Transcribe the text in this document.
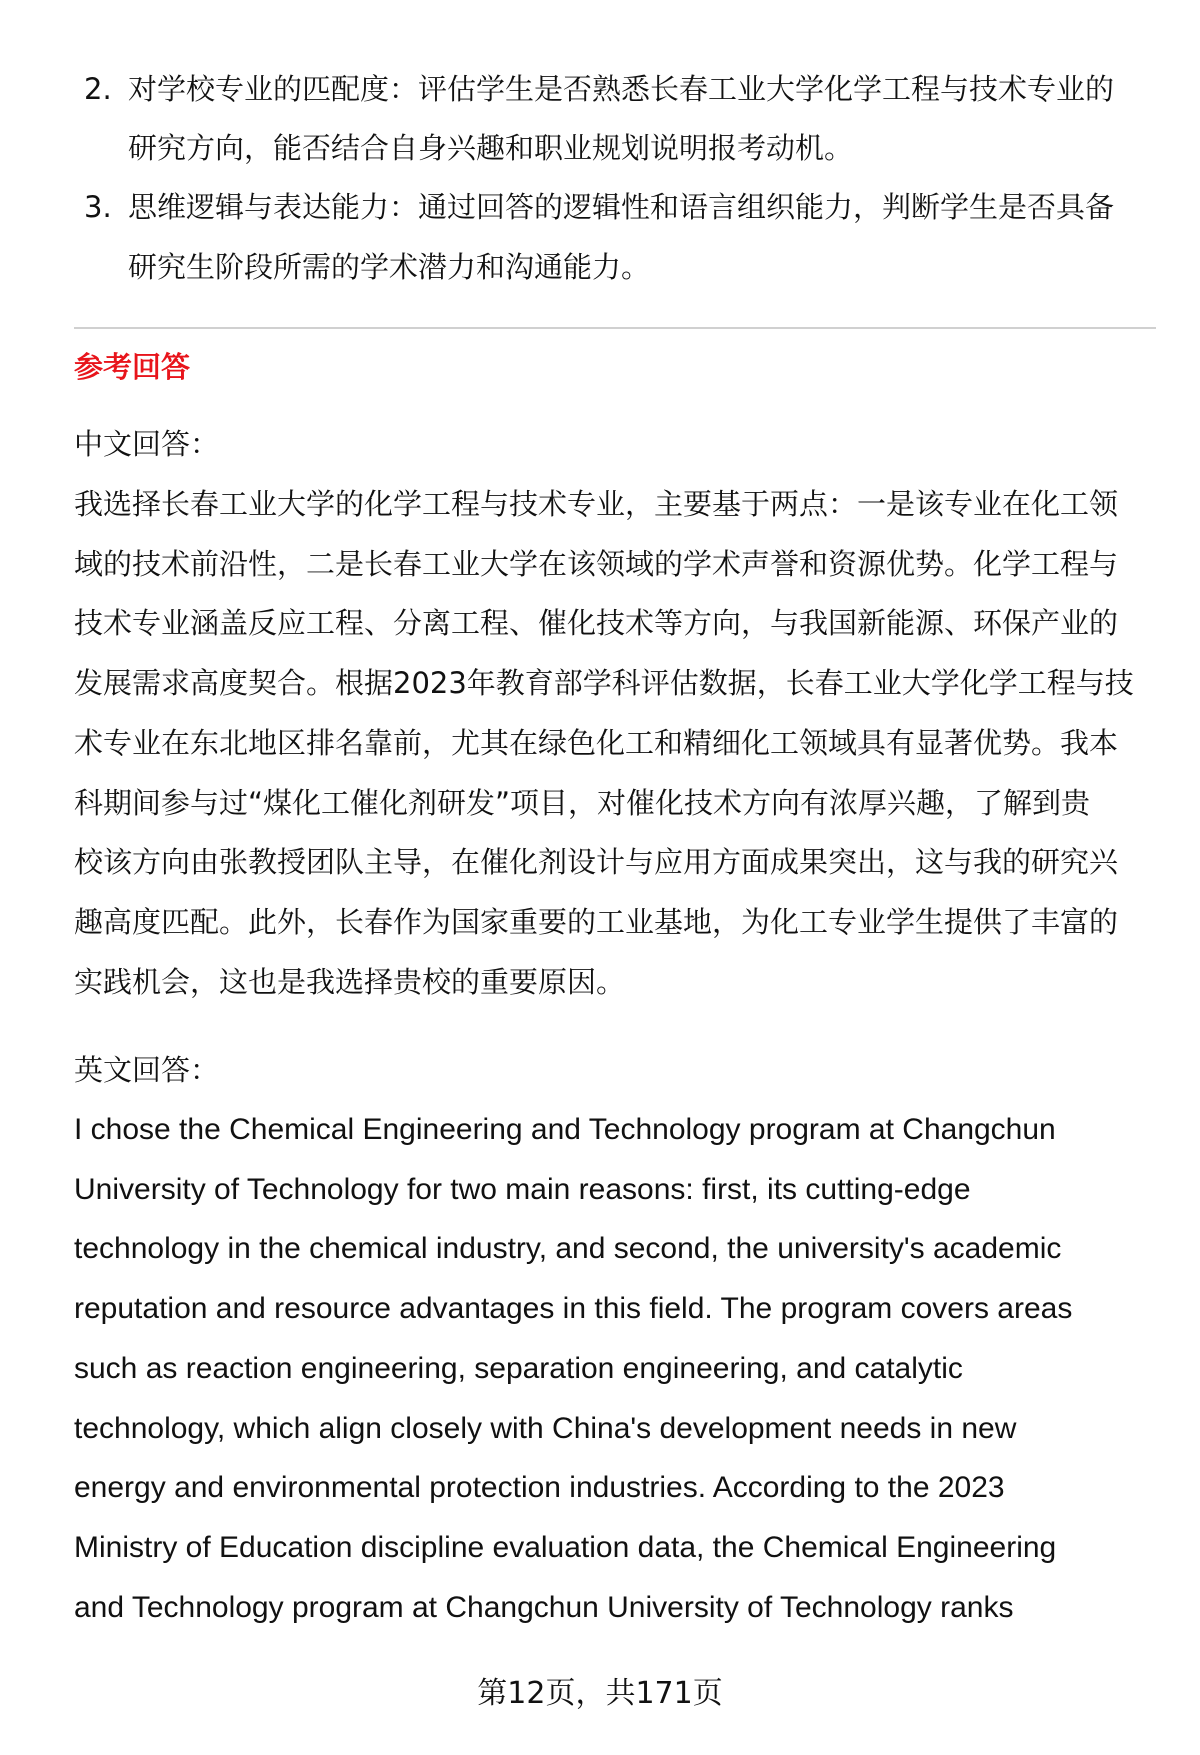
2. 对学校专业的匹配度：评估学生是否熟悉长春工业大学化学工程与技术专业的
研究方向，能否结合自身兴趣和职业规划说明报考动机。
3. 思维逻辑与表达能力：通过回答的逻辑性和语言组织能力，判断学生是否具备
研究生阶段所需的学术潜力和沟通能力。
参考回答
中文回答：
我选择长春工业大学的化学工程与技术专业，主要基于两点：一是该专业在化工领
域的技术前沿性，二是长春工业大学在该领域的学术声誉和资源优势。化学工程与
技术专业涵盖反应工程、分离工程、催化技术等方向，与我国新能源、环保产业的
发展需求高度契合。根据2023年教育部学科评估数据，长春工业大学化学工程与技
术专业在东北地区排名靠前，尤其在绿色化工和精细化工领域具有显著优势。我本
科期间参与过“煤化工催化剂研发”项目，对催化技术方向有浓厚兴趣，了解到贵
校该方向由张教授团队主导，在催化剂设计与应用方面成果突出，这与我的研究兴
趣高度匹配。此外，长春作为国家重要的工业基地，为化工专业学生提供了丰富的
实践机会，这也是我选择贵校的重要原因。
英文回答：
I chose the Chemical Engineering and Technology program at Changchun
University of Technology for two main reasons: first, its cutting-edge
technology in the chemical industry, and second, the university's academic
reputation and resource advantages in this field. The program covers areas
such as reaction engineering, separation engineering, and catalytic
technology, which align closely with China's development needs in new
energy and environmental protection industries. According to the 2023
Ministry of Education discipline evaluation data, the Chemical Engineering
and Technology program at Changchun University of Technology ranks
第12页，共171页
